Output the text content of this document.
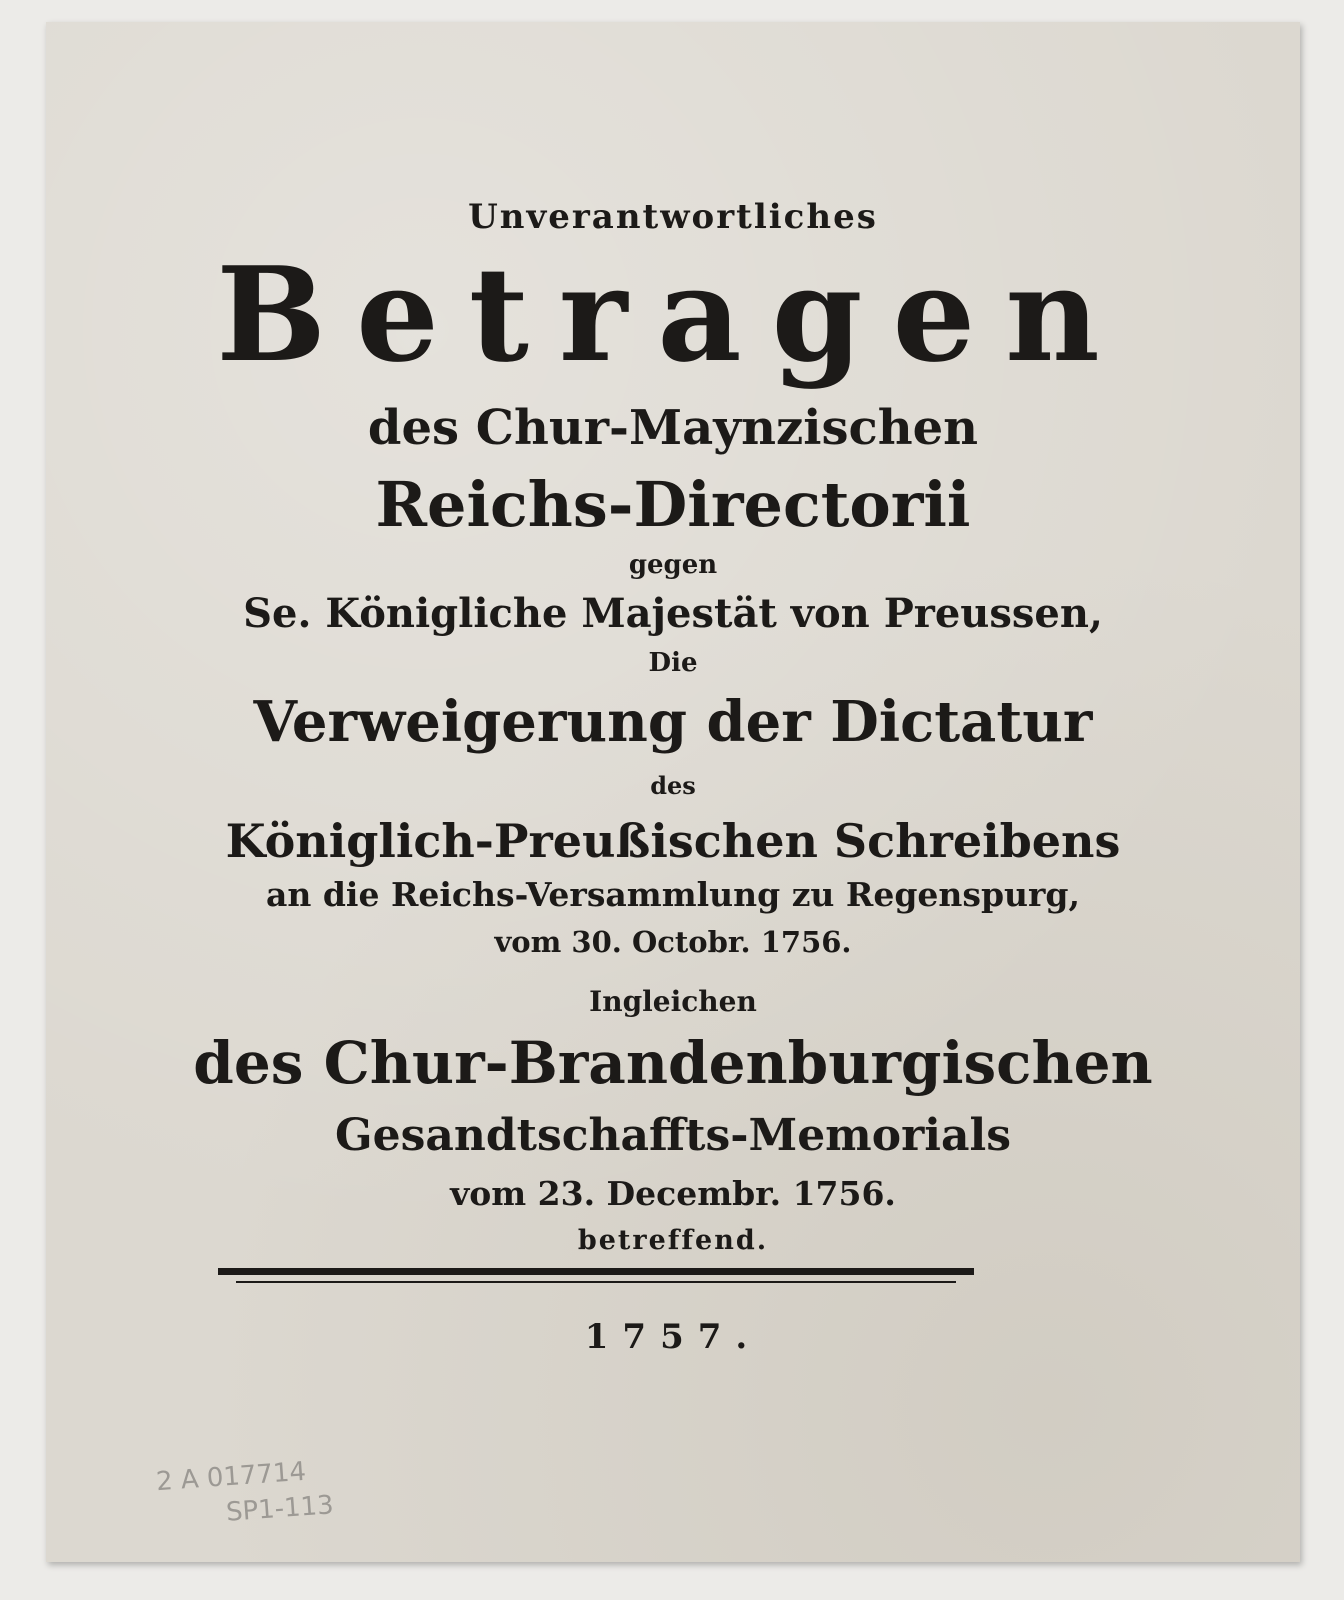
Unverantwortliches
Betragen
des Chur-Maynzischen
Reichs-Directorii
gegen
Se. Königliche Majestät von Preussen,
Die
Verweigerung der Dictatur
des
Königlich-Preußischen Schreibens
an die Reichs-Versammlung zu Regenspurg,
vom 30. Octobr. 1756.
Ingleichen
des Chur-Brandenburgischen
Gesandtschaffts-Memorials
vom 23. Decembr. 1756.
betreffend.
1757.
2 A 017714
SP1-113
